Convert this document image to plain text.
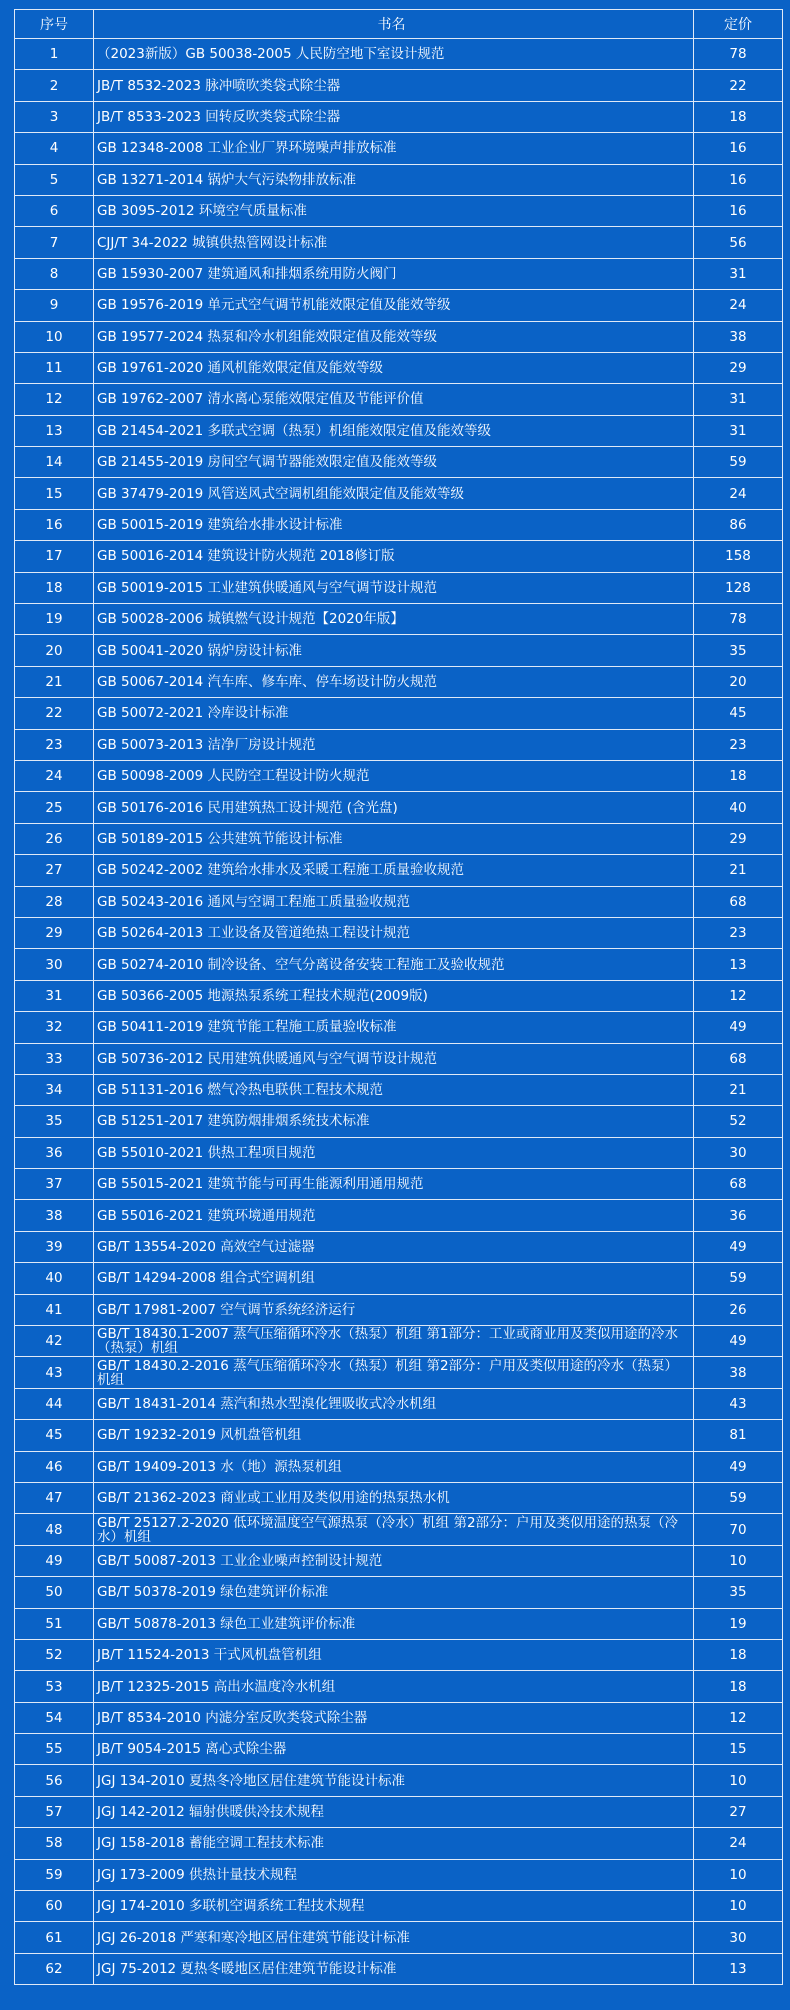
序号	书名	定价
1	（2023新版）GB 50038-2005 人民防空地下室设计规范	78
2	JB/T 8532-2023 脉冲喷吹类袋式除尘器	22
3	JB/T 8533-2023 回转反吹类袋式除尘器	18
4	GB 12348-2008 工业企业厂界环境噪声排放标准	16
5	GB 13271-2014 锅炉大气污染物排放标准	16
6	GB 3095-2012 环境空气质量标准	16
7	CJJ/T 34-2022 城镇供热管网设计标准	56
8	GB 15930-2007 建筑通风和排烟系统用防火阀门	31
9	GB 19576-2019 单元式空气调节机能效限定值及能效等级	24
10	GB 19577-2024 热泵和冷水机组能效限定值及能效等级	38
11	GB 19761-2020 通风机能效限定值及能效等级	29
12	GB 19762-2007 清水离心泵能效限定值及节能评价值	31
13	GB 21454-2021 多联式空调（热泵）机组能效限定值及能效等级	31
14	GB 21455-2019 房间空气调节器能效限定值及能效等级	59
15	GB 37479-2019 风管送风式空调机组能效限定值及能效等级	24
16	GB 50015-2019 建筑给水排水设计标准	86
17	GB 50016-2014 建筑设计防火规范 2018修订版	158
18	GB 50019-2015 工业建筑供暖通风与空气调节设计规范	128
19	GB 50028-2006 城镇燃气设计规范【2020年版】	78
20	GB 50041-2020 锅炉房设计标准	35
21	GB 50067-2014 汽车库、修车库、停车场设计防火规范	20
22	GB 50072-2021 冷库设计标准	45
23	GB 50073-2013 洁净厂房设计规范	23
24	GB 50098-2009 人民防空工程设计防火规范	18
25	GB 50176-2016 民用建筑热工设计规范 (含光盘)	40
26	GB 50189-2015 公共建筑节能设计标准	29
27	GB 50242-2002 建筑给水排水及采暖工程施工质量验收规范	21
28	GB 50243-2016 通风与空调工程施工质量验收规范	68
29	GB 50264-2013 工业设备及管道绝热工程设计规范	23
30	GB 50274-2010 制冷设备、空气分离设备安装工程施工及验收规范	13
31	GB 50366-2005 地源热泵系统工程技术规范(2009版)	12
32	GB 50411-2019 建筑节能工程施工质量验收标准	49
33	GB 50736-2012 民用建筑供暖通风与空气调节设计规范	68
34	GB 51131-2016 燃气冷热电联供工程技术规范	21
35	GB 51251-2017 建筑防烟排烟系统技术标准	52
36	GB 55010-2021 供热工程项目规范	30
37	GB 55015-2021 建筑节能与可再生能源利用通用规范	68
38	GB 55016-2021 建筑环境通用规范	36
39	GB/T 13554-2020 高效空气过滤器	49
40	GB/T 14294-2008 组合式空调机组	59
41	GB/T 17981-2007 空气调节系统经济运行	26
42	GB/T 18430.1-2007 蒸气压缩循环冷水（热泵）机组 第1部分：工业或商业用及类似用途的冷水（热泵）机组	49
43	GB/T 18430.2-2016 蒸气压缩循环冷水（热泵）机组 第2部分：户用及类似用途的冷水（热泵）机组	38
44	GB/T 18431-2014 蒸汽和热水型溴化锂吸收式冷水机组	43
45	GB/T 19232-2019 风机盘管机组	81
46	GB/T 19409-2013 水（地）源热泵机组	49
47	GB/T 21362-2023 商业或工业用及类似用途的热泵热水机	59
48	GB/T 25127.2-2020 低环境温度空气源热泵（冷水）机组 第2部分：户用及类似用途的热泵（冷水）机组	70
49	GB/T 50087-2013 工业企业噪声控制设计规范	10
50	GB/T 50378-2019 绿色建筑评价标准	35
51	GB/T 50878-2013 绿色工业建筑评价标准	19
52	JB/T 11524-2013 干式风机盘管机组	18
53	JB/T 12325-2015 高出水温度冷水机组	18
54	JB/T 8534-2010 内滤分室反吹类袋式除尘器	12
55	JB/T 9054-2015 离心式除尘器	15
56	JGJ 134-2010 夏热冬冷地区居住建筑节能设计标准	10
57	JGJ 142-2012 辐射供暖供冷技术规程	27
58	JGJ 158-2018 蓄能空调工程技术标准	24
59	JGJ 173-2009 供热计量技术规程	10
60	JGJ 174-2010 多联机空调系统工程技术规程	10
61	JGJ 26-2018 严寒和寒冷地区居住建筑节能设计标准	30
62	JGJ 75-2012 夏热冬暖地区居住建筑节能设计标准	13
